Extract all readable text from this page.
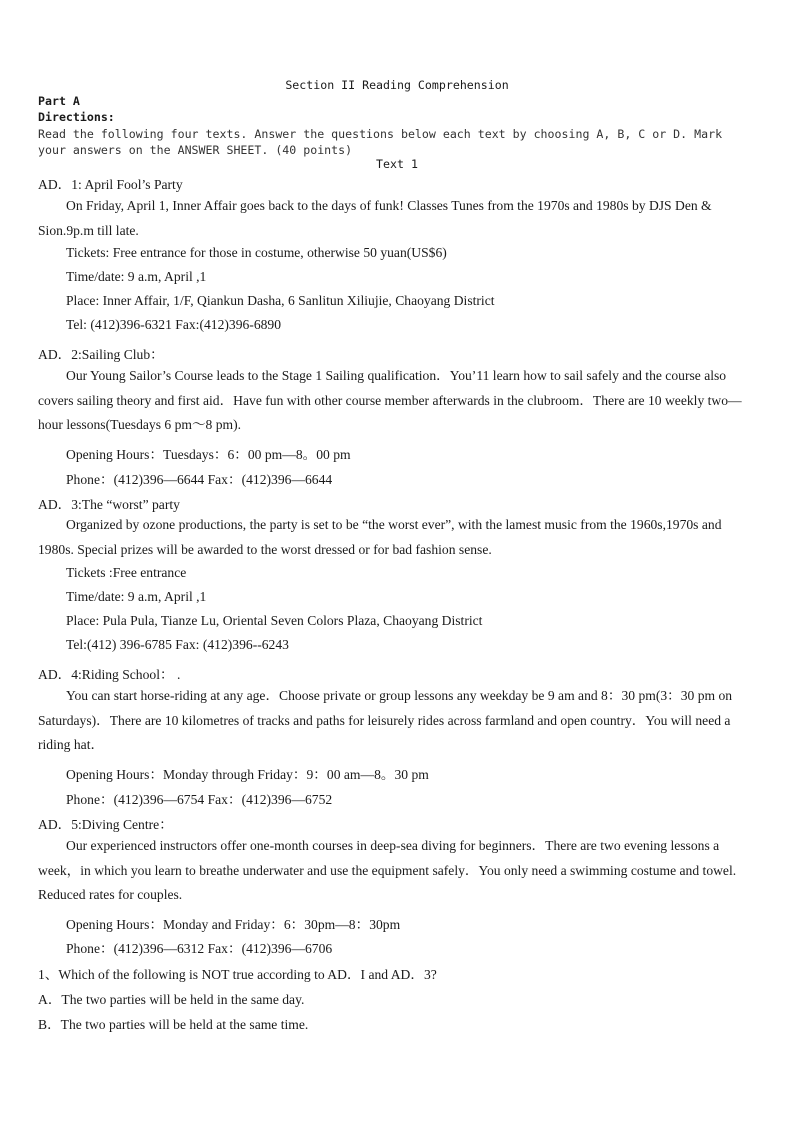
Section II Reading Comprehension
Part A
Directions:
Read the following four texts. Answer the questions below each text by choosing A, B, C or D. Mark your answers on the ANSWER SHEET. (40 points)
Text 1
AD．1: April Fool’s Party
On Friday, April 1, Inner Affair goes back to the days of funk! Classes Tunes from the 1970s and 1980s by DJS Den & Sion.9p.m till late.
Tickets: Free entrance for those in costume, otherwise 50 yuan(US$6)
Time/date: 9 a.m, April ,1
Place: Inner Affair, 1/F, Qiankun Dasha, 6 Sanlitun Xiliujie, Chaoyang District
Tel: (412)396-6321 Fax:(412)396-6890
AD．2:Sailing Club：
Our Young Sailor’s Course leads to the Stage 1 Sailing qualification．You’11 learn how to sail safely and the course also covers sailing theory and first aid．Have fun with other course member afterwards in the clubroom．There are 10 weekly two—hour lessons(Tuesdays 6 pm～8 pm).
Opening Hours：Tuesdays：6：00 pm—8。00 pm
Phone：(412)396—6644 Fax：(412)396—6644
AD．3:The “worst” party
Organized by ozone productions, the party is set to be “the worst ever”, with the lamest music from the 1960s,1970s and 1980s. Special prizes will be awarded to the worst dressed or for bad fashion sense.
Tickets :Free entrance
Time/date: 9 a.m, April ,1
Place: Pula Pula, Tianze Lu, Oriental Seven Colors Plaza, Chaoyang District
Tel:(412) 396-6785 Fax: (412)396--6243
AD．4:Riding School： .
You can start horse-riding at any age．Choose private or group lessons any weekday be 9 am and 8：30 pm(3：30 pm on Saturdays)．There are 10 kilometres of tracks and paths for leisurely rides across farmland and open country．You will need a riding hat．
Opening Hours：Monday through Friday：9：00 am—8。30 pm
Phone：(412)396—6754 Fax：(412)396—6752
AD．5:Diving Centre：
Our experienced instructors offer one-month courses in deep-sea diving for beginners．There are two evening lessons a week，in which you learn to breathe underwater and use the equipment safely．You only need a swimming costume and towel. Reduced rates for couples.
Opening Hours：Monday and Friday：6：30pm—8：30pm
Phone：(412)396—6312 Fax：(412)396—6706
1、Which of the following is NOT true according to AD．I and AD．3?
A．The two parties will be held in the same day.
B．The two parties will be held at the same time.
